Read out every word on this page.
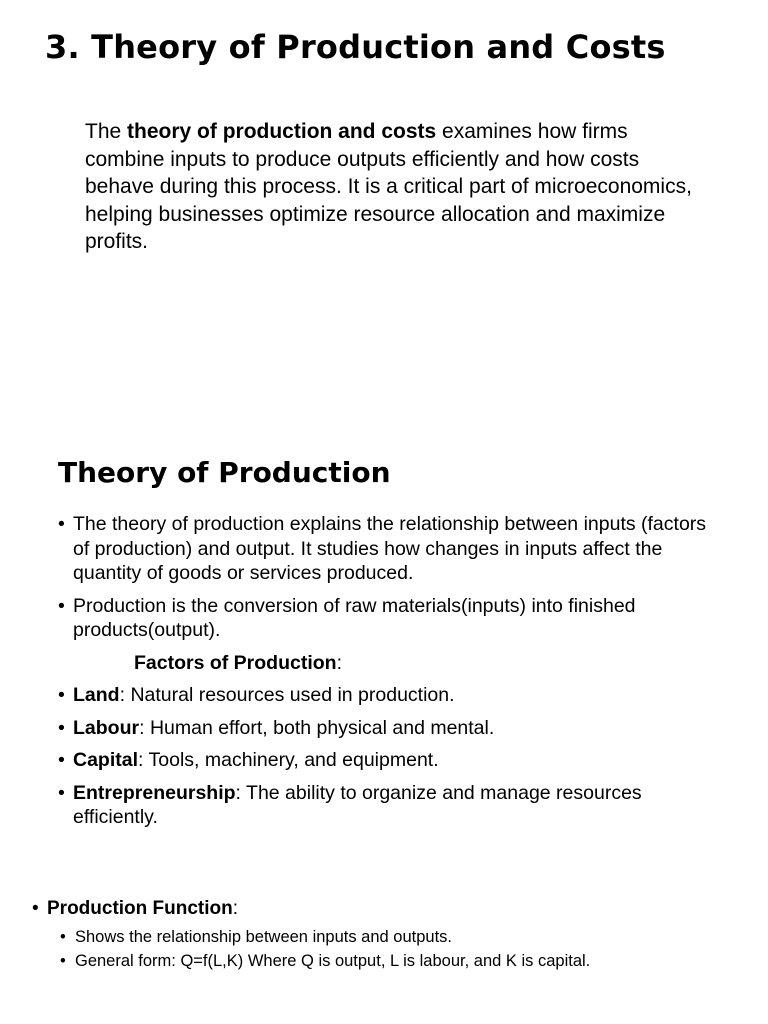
3. Theory of Production and Costs

The theory of production and costs examines how firms combine inputs to produce outputs efficiently and how costs behave during this process. It is a critical part of microeconomics, helping businesses optimize resource allocation and maximize profits.

Theory of Production
• The theory of production explains the relationship between inputs (factors of production) and output. It studies how changes in inputs affect the quantity of goods or services produced.
• Production is the conversion of raw materials(inputs) into finished products(output).
Factors of Production:
• Land: Natural resources used in production.
• Labour: Human effort, both physical and mental.
• Capital: Tools, machinery, and equipment.
• Entrepreneurship: The ability to organize and manage resources efficiently.
• Production Function:
• Shows the relationship between inputs and outputs.
• General form: Q=f(L,K) Where Q is output, L is labour, and K is capital.
